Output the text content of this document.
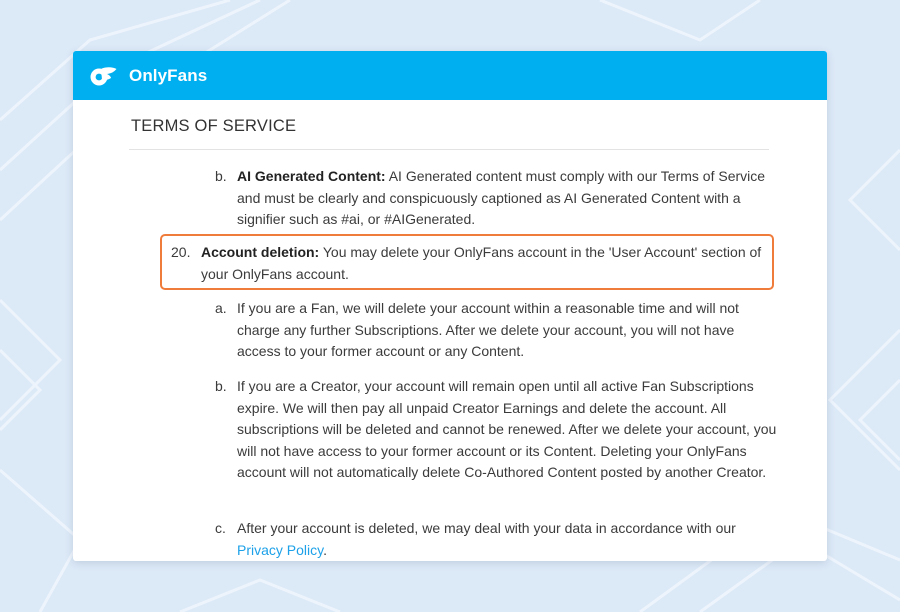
OnlyFans
TERMS OF SERVICE
b. AI Generated Content: AI Generated content must comply with our Terms of Service and must be clearly and conspicuously captioned as AI Generated Content with a signifier such as #ai, or #AIGenerated.
20. Account deletion: You may delete your OnlyFans account in the 'User Account' section of your OnlyFans account.
a. If you are a Fan, we will delete your account within a reasonable time and will not charge any further Subscriptions. After we delete your account, you will not have access to your former account or any Content.
b. If you are a Creator, your account will remain open until all active Fan Subscriptions expire. We will then pay all unpaid Creator Earnings and delete the account. All subscriptions will be deleted and cannot be renewed. After we delete your account, you will not have access to your former account or its Content. Deleting your OnlyFans account will not automatically delete Co-Authored Content posted by another Creator.
c. After your account is deleted, we may deal with your data in accordance with our Privacy Policy.
